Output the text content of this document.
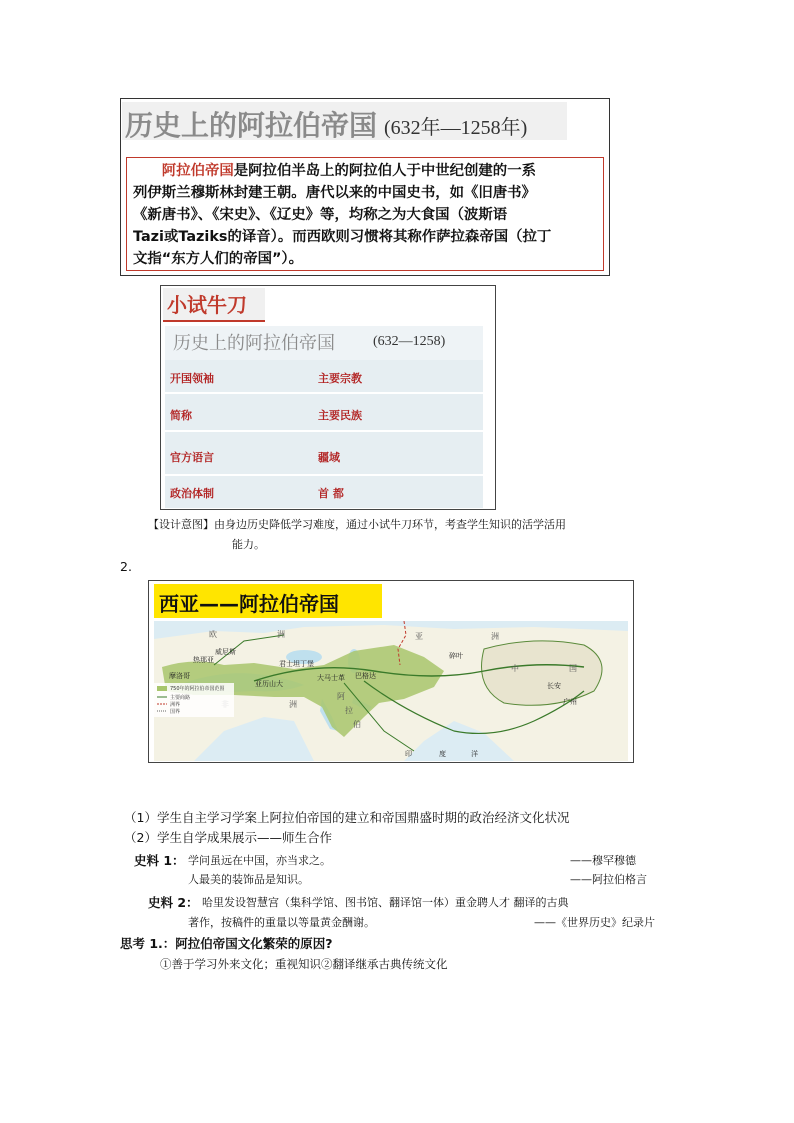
历史上的阿拉伯帝国 (632年—1258年)
阿拉伯帝国是阿拉伯半岛上的阿拉伯人于中世纪创建的一系
列伊斯兰穆斯林封建王朝。唐代以来的中国史书，如《旧唐书》
《新唐书》、《宋史》、《辽史》等，均称之为大食国（波斯语
Tazi或Taziks的译音）。而西欧则习惯将其称作萨拉森帝国（拉丁
文指“东方人们的帝国”）。
小试牛刀
历史上的阿拉伯帝国	(632—1258)
开国领袖	主要宗教
简称	主要民族
官方语言	疆域
政治体制	首 都
【设计意图】由身边历史降低学习难度，通过小试牛刀环节，考查学生知识的活学活用
能力。
2.
西亚——阿拉伯帝国
欧	洲
威尼斯
热那亚	君士坦丁堡
亚	洲
碎叶
中	国
长安
广州
大马士革 巴格达
洲
阿
拉
伯
印	度	洋
亚历山大
摩洛哥
750年的阿拉伯帝国范围
主要商路
洲界
国界
（1）学生自主学习学案上阿拉伯帝国的建立和帝国鼎盛时期的政治经济文化状况
（2）学生自学成果展示——师生合作
史料 1： 学问虽远在中国，亦当求之。	——穆罕穆德
人最美的装饰品是知识。	——阿拉伯格言
史料 2： 哈里发设智慧宫（集科学馆、图书馆、翻译馆一体）重金聘人才 翻译的古典
著作，按稿件的重量以等量黄金酬谢。	——《世界历史》纪录片
思考 1.：阿拉伯帝国文化繁荣的原因?
①善于学习外来文化；重视知识②翻译继承古典传统文化
